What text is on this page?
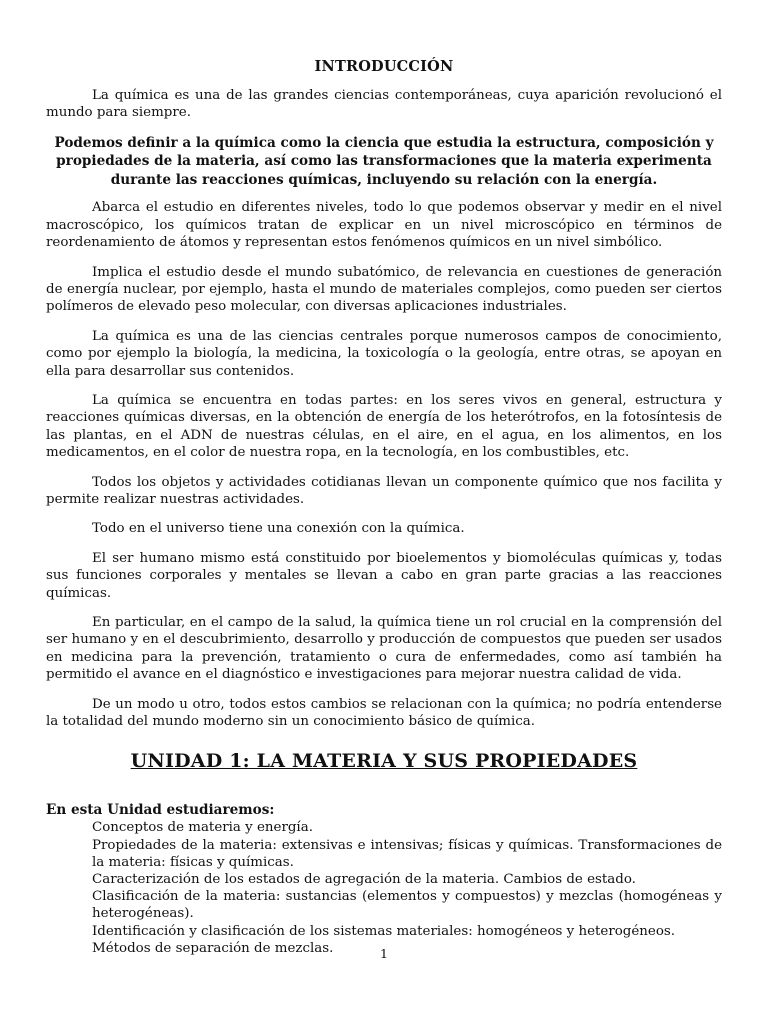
INTRODUCCIÓN

La química es una de las grandes ciencias contemporáneas, cuya aparición revolucionó el mundo para siempre.

Podemos definir a la química como la ciencia que estudia la estructura, composición y propiedades de la materia, así como las transformaciones que la materia experimenta durante las reacciones químicas, incluyendo su relación con la energía.

Abarca el estudio en diferentes niveles, todo lo que podemos observar y medir en el nivel macroscópico, los químicos tratan de explicar en un nivel microscópico en términos de reordenamiento de átomos y representan estos fenómenos químicos en un nivel simbólico.

Implica el estudio desde el mundo subatómico, de relevancia en cuestiones de generación de energía nuclear, por ejemplo, hasta el mundo de materiales complejos, como pueden ser ciertos polímeros de elevado peso molecular, con diversas aplicaciones industriales.

La química es una de las ciencias centrales porque numerosos campos de conocimiento, como por ejemplo la biología, la medicina, la toxicología o la geología, entre otras, se apoyan en ella para desarrollar sus contenidos.

La química se encuentra en todas partes: en los seres vivos en general, estructura y reacciones químicas diversas, en la obtención de energía de los heterótrofos, en la fotosíntesis de las plantas, en el ADN de nuestras células, en el aire, en el agua, en los alimentos, en los medicamentos, en el color de nuestra ropa, en la tecnología, en los combustibles, etc.

Todos los objetos y actividades cotidianas llevan un componente químico que nos facilita y permite realizar nuestras actividades.

Todo en el universo tiene una conexión con la química.

El ser humano mismo está constituido por bioelementos y biomoléculas químicas y, todas sus funciones corporales y mentales se llevan a cabo en gran parte gracias a las reacciones químicas.

En particular, en el campo de la salud, la química tiene un rol crucial en la comprensión del ser humano y en el descubrimiento, desarrollo y producción de compuestos que pueden ser usados en medicina para la prevención, tratamiento o cura de enfermedades, como así también ha permitido el avance en el diagnóstico e investigaciones para mejorar nuestra calidad de vida.

De un modo u otro, todos estos cambios se relacionan con la química; no podría entenderse la totalidad del mundo moderno sin un conocimiento básico de química.

UNIDAD 1: LA MATERIA Y SUS PROPIEDADES
En esta Unidad estudiaremos:
Conceptos de materia y energía.
Propiedades de la materia: extensivas e intensivas; físicas y químicas. Transformaciones de la materia: físicas y químicas.
Caracterización de los estados de agregación de la materia. Cambios de estado.
Clasificación de la materia: sustancias (elementos y compuestos) y mezclas (homogéneas y heterogéneas).
Identificación y clasificación de los sistemas materiales: homogéneos y heterogéneos.
Métodos de separación de mezclas.	1
